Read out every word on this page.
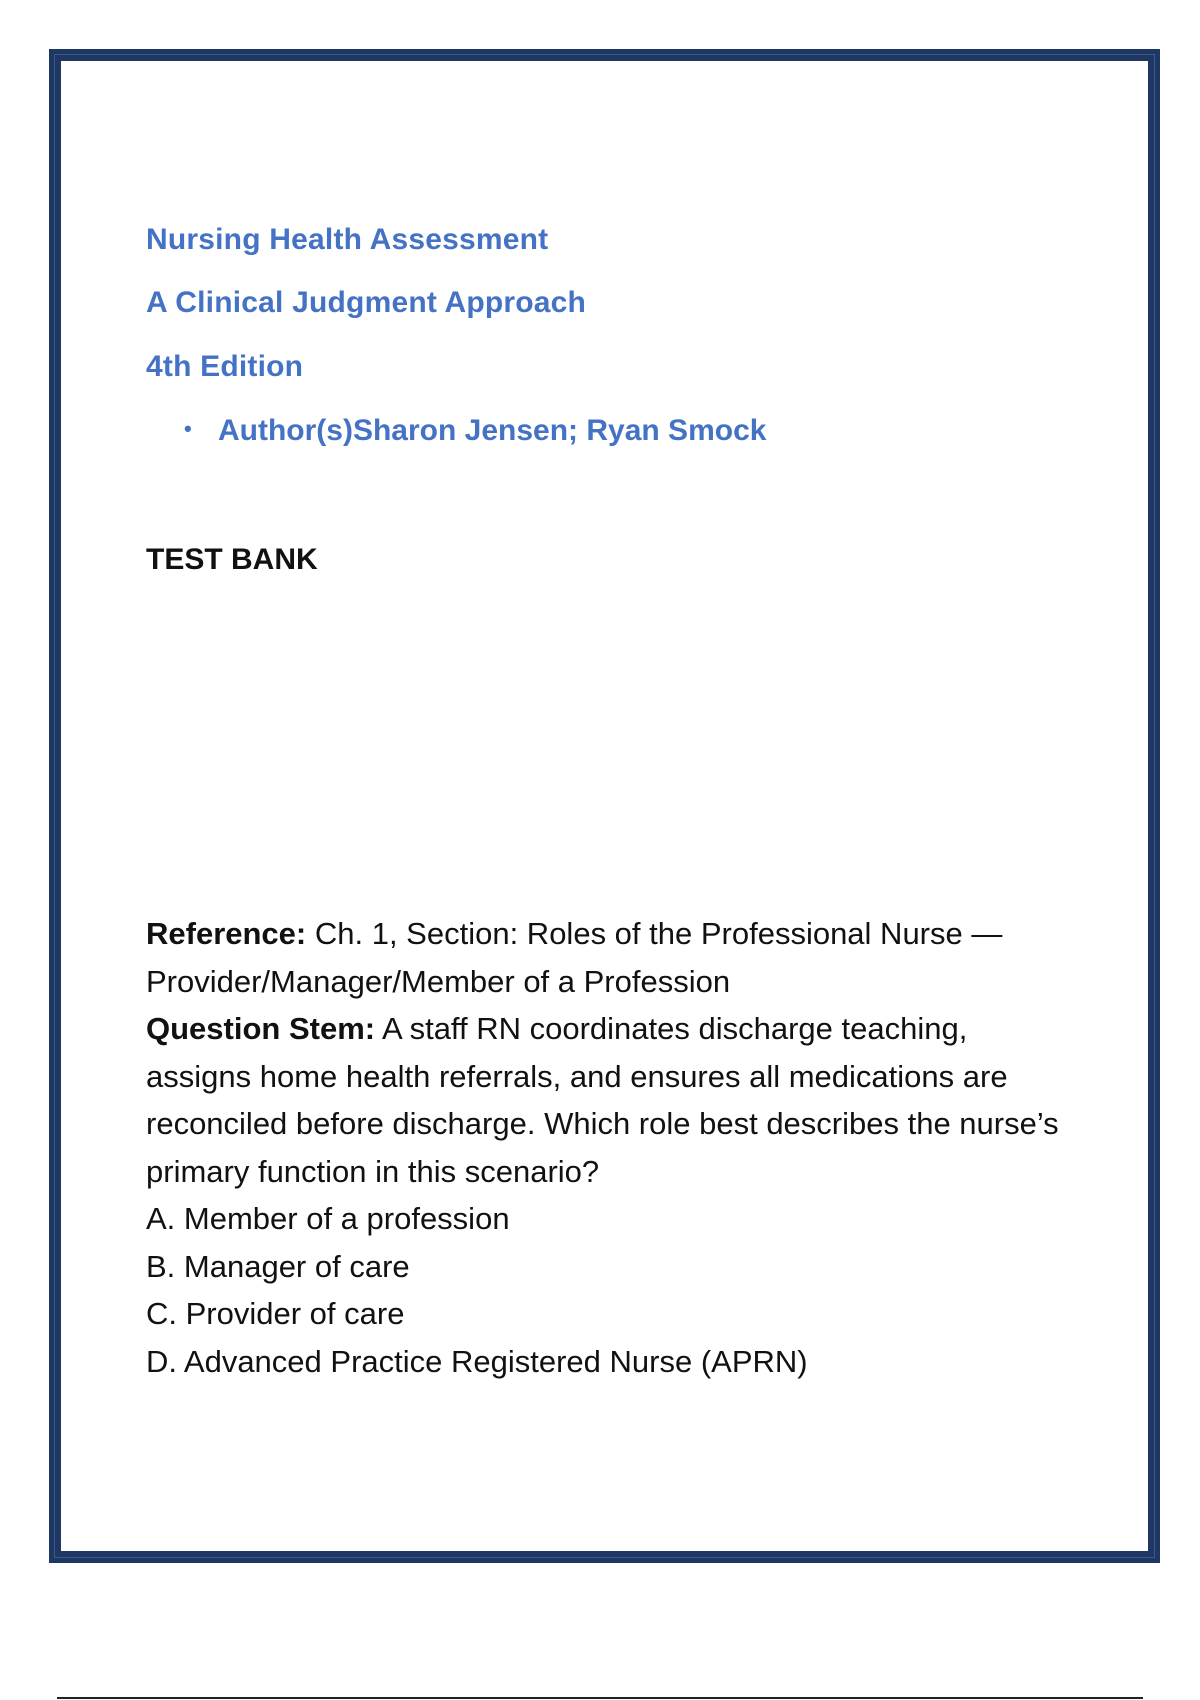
Nursing Health Assessment
A Clinical Judgment Approach
4th Edition
• Author(s)Sharon Jensen; Ryan Smock
TEST BANK

Reference: Ch. 1, Section: Roles of the Professional Nurse — Provider/Manager/Member of a Profession

Question Stem: A staff RN coordinates discharge teaching, assigns home health referrals, and ensures all medications are reconciled before discharge. Which role best describes the nurse’s primary function in this scenario?

A. Member of a profession

B. Manager of care

C. Provider of care

D. Advanced Practice Registered Nurse (APRN)
